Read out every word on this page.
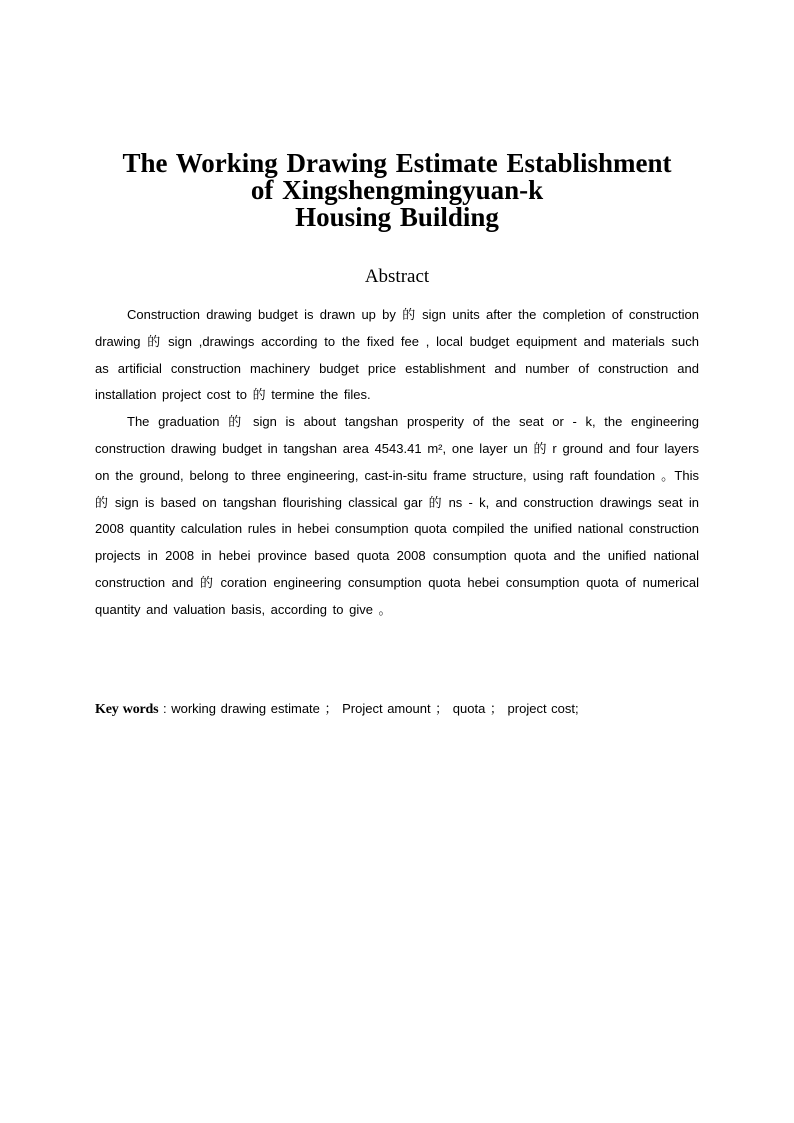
The Working Drawing Estimate Establishment
of Xingshengmingyuan-k
Housing Building
Abstract

Construction drawing budget is drawn up by 的 sign units after the completion of construction drawing 的 sign ,drawings according to the fixed fee , local budget equipment and materials such as artificial construction machinery budget price establishment and number of construction and installation project cost to 的 termine the files.

The graduation 的 sign is about tangshan prosperity of the seat or - k, the engineering construction drawing budget in tangshan area 4543.41 m², one layer un 的 r ground and four layers on the ground, belong to three engineering, cast-in-situ frame structure, using raft foundation 。This 的 sign is based on tangshan flourishing classical gar 的 ns - k, and construction drawings seat in 2008 quantity calculation rules in hebei consumption quota compiled the unified national construction projects in 2008 in hebei province based quota 2008 consumption quota and the unified national construction and 的 coration engineering consumption quota hebei consumption quota of numerical quantity and valuation basis, according to give 。

Key words : working drawing estimate ； Project amount ； quota ； project cost;
